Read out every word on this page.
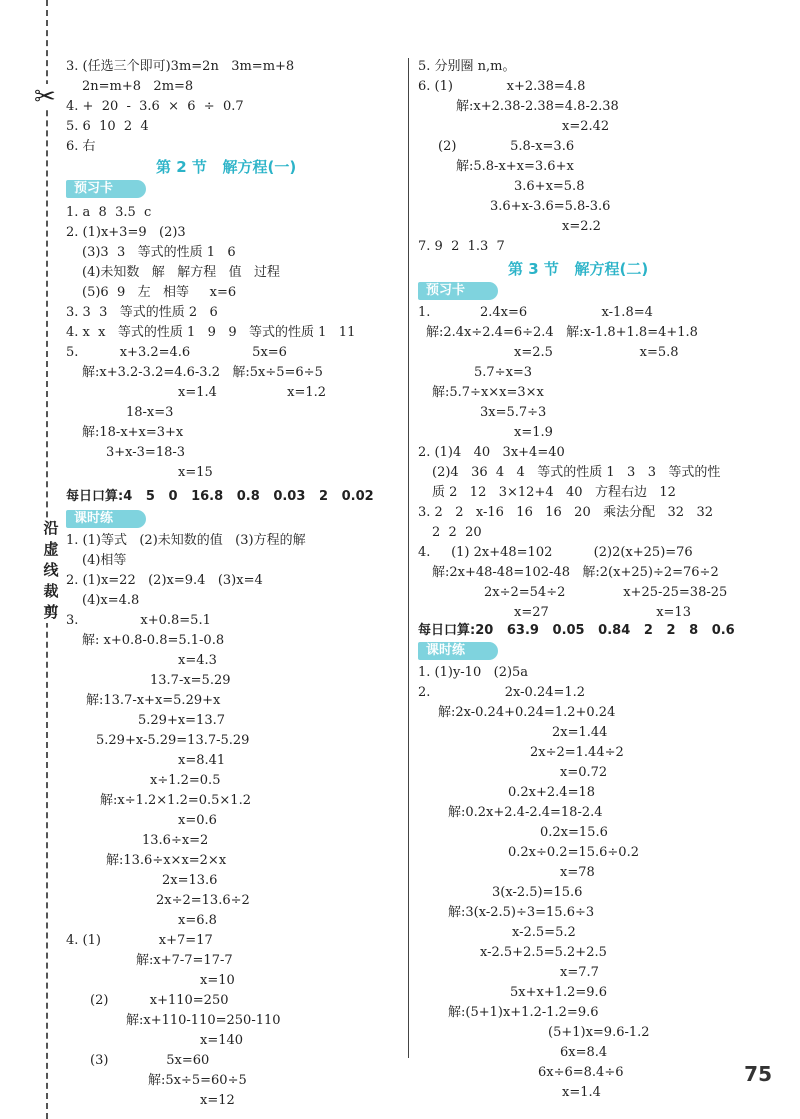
✂
沿
虚
线
裁
剪
第 2 节   解方程(一)
预习卡
每日口算:4   5   0   16.8   0.8   0.03   2   0.02
课时练
3. (任选三个即可)3m=2n   3m=m+8
2n=m+8   2m=8
4. +  20  -  3.6  ×  6  ÷  0.7
5. 6  10  2  4
6. 右
1. a  8  3.5  c
2. (1)x+3=9   (2)3
(3)3  3   等式的性质 1   6
(4)未知数   解   解方程   值   过程
(5)6  9   左   相等     x=6
3. 3  3   等式的性质 2   6
4. x  x   等式的性质 1   9   9   等式的性质 1   11
5.          x+3.2=4.6               5x=6
解:x+3.2-3.2=4.6-3.2   解:5x÷5=6÷5
x=1.4                 x=1.2
18-x=3
解:18-x+x=3+x
3+x-3=18-3
x=15
1. (1)等式   (2)未知数的值   (3)方程的解
(4)相等
2. (1)x=22   (2)x=9.4   (3)x=4
(4)x=4.8
3.               x+0.8=5.1
解: x+0.8-0.8=5.1-0.8
x=4.3
13.7-x=5.29
解:13.7-x+x=5.29+x
5.29+x=13.7
5.29+x-5.29=13.7-5.29
x=8.41
x÷1.2=0.5
解:x÷1.2×1.2=0.5×1.2
x=0.6
13.6÷x=2
解:13.6÷x×x=2×x
2x=13.6
2x÷2=13.6÷2
x=6.8
4. (1)              x+7=17
解:x+7-7=17-7
x=10
(2)          x+110=250
解:x+110-110=250-110
x=140
(3)              5x=60
解:5x÷5=60÷5
x=12
第 3 节   解方程(二)
预习卡
每日口算:20   63.9   0.05   0.84   2   2   8   0.6
课时练
5. 分别圈 n,m。
6. (1)             x+2.38=4.8
解:x+2.38-2.38=4.8-2.38
x=2.42
(2)             5.8-x=3.6
解:5.8-x+x=3.6+x
3.6+x=5.8
3.6+x-3.6=5.8-3.6
x=2.2
7. 9  2  1.3  7
1.            2.4x=6                  x-1.8=4
解:2.4x÷2.4=6÷2.4   解:x-1.8+1.8=4+1.8
x=2.5                     x=5.8
5.7÷x=3
解:5.7÷x×x=3×x
3x=5.7÷3
x=1.9
2. (1)4   40   3x+4=40
(2)4   36  4   4   等式的性质 1   3   3   等式的性
质 2   12   3×12+4   40   方程右边   12
3. 2   2   x-16   16   16   20   乘法分配   32   32
2  2  20
4.     (1) 2x+48=102          (2)2(x+25)=76
解:2x+48-48=102-48   解:2(x+25)÷2=76÷2
2x÷2=54÷2              x+25-25=38-25
x=27                          x=13
1. (1)y-10   (2)5a
2.                  2x-0.24=1.2
解:2x-0.24+0.24=1.2+0.24
2x=1.44
2x÷2=1.44÷2
x=0.72
0.2x+2.4=18
解:0.2x+2.4-2.4=18-2.4
0.2x=15.6
0.2x÷0.2=15.6÷0.2
x=78
3(x-2.5)=15.6
解:3(x-2.5)÷3=15.6÷3
x-2.5=5.2
x-2.5+2.5=5.2+2.5
x=7.7
5x+x+1.2=9.6
解:(5+1)x+1.2-1.2=9.6
(5+1)x=9.6-1.2
6x=8.4
6x÷6=8.4÷6
x=1.4
75
